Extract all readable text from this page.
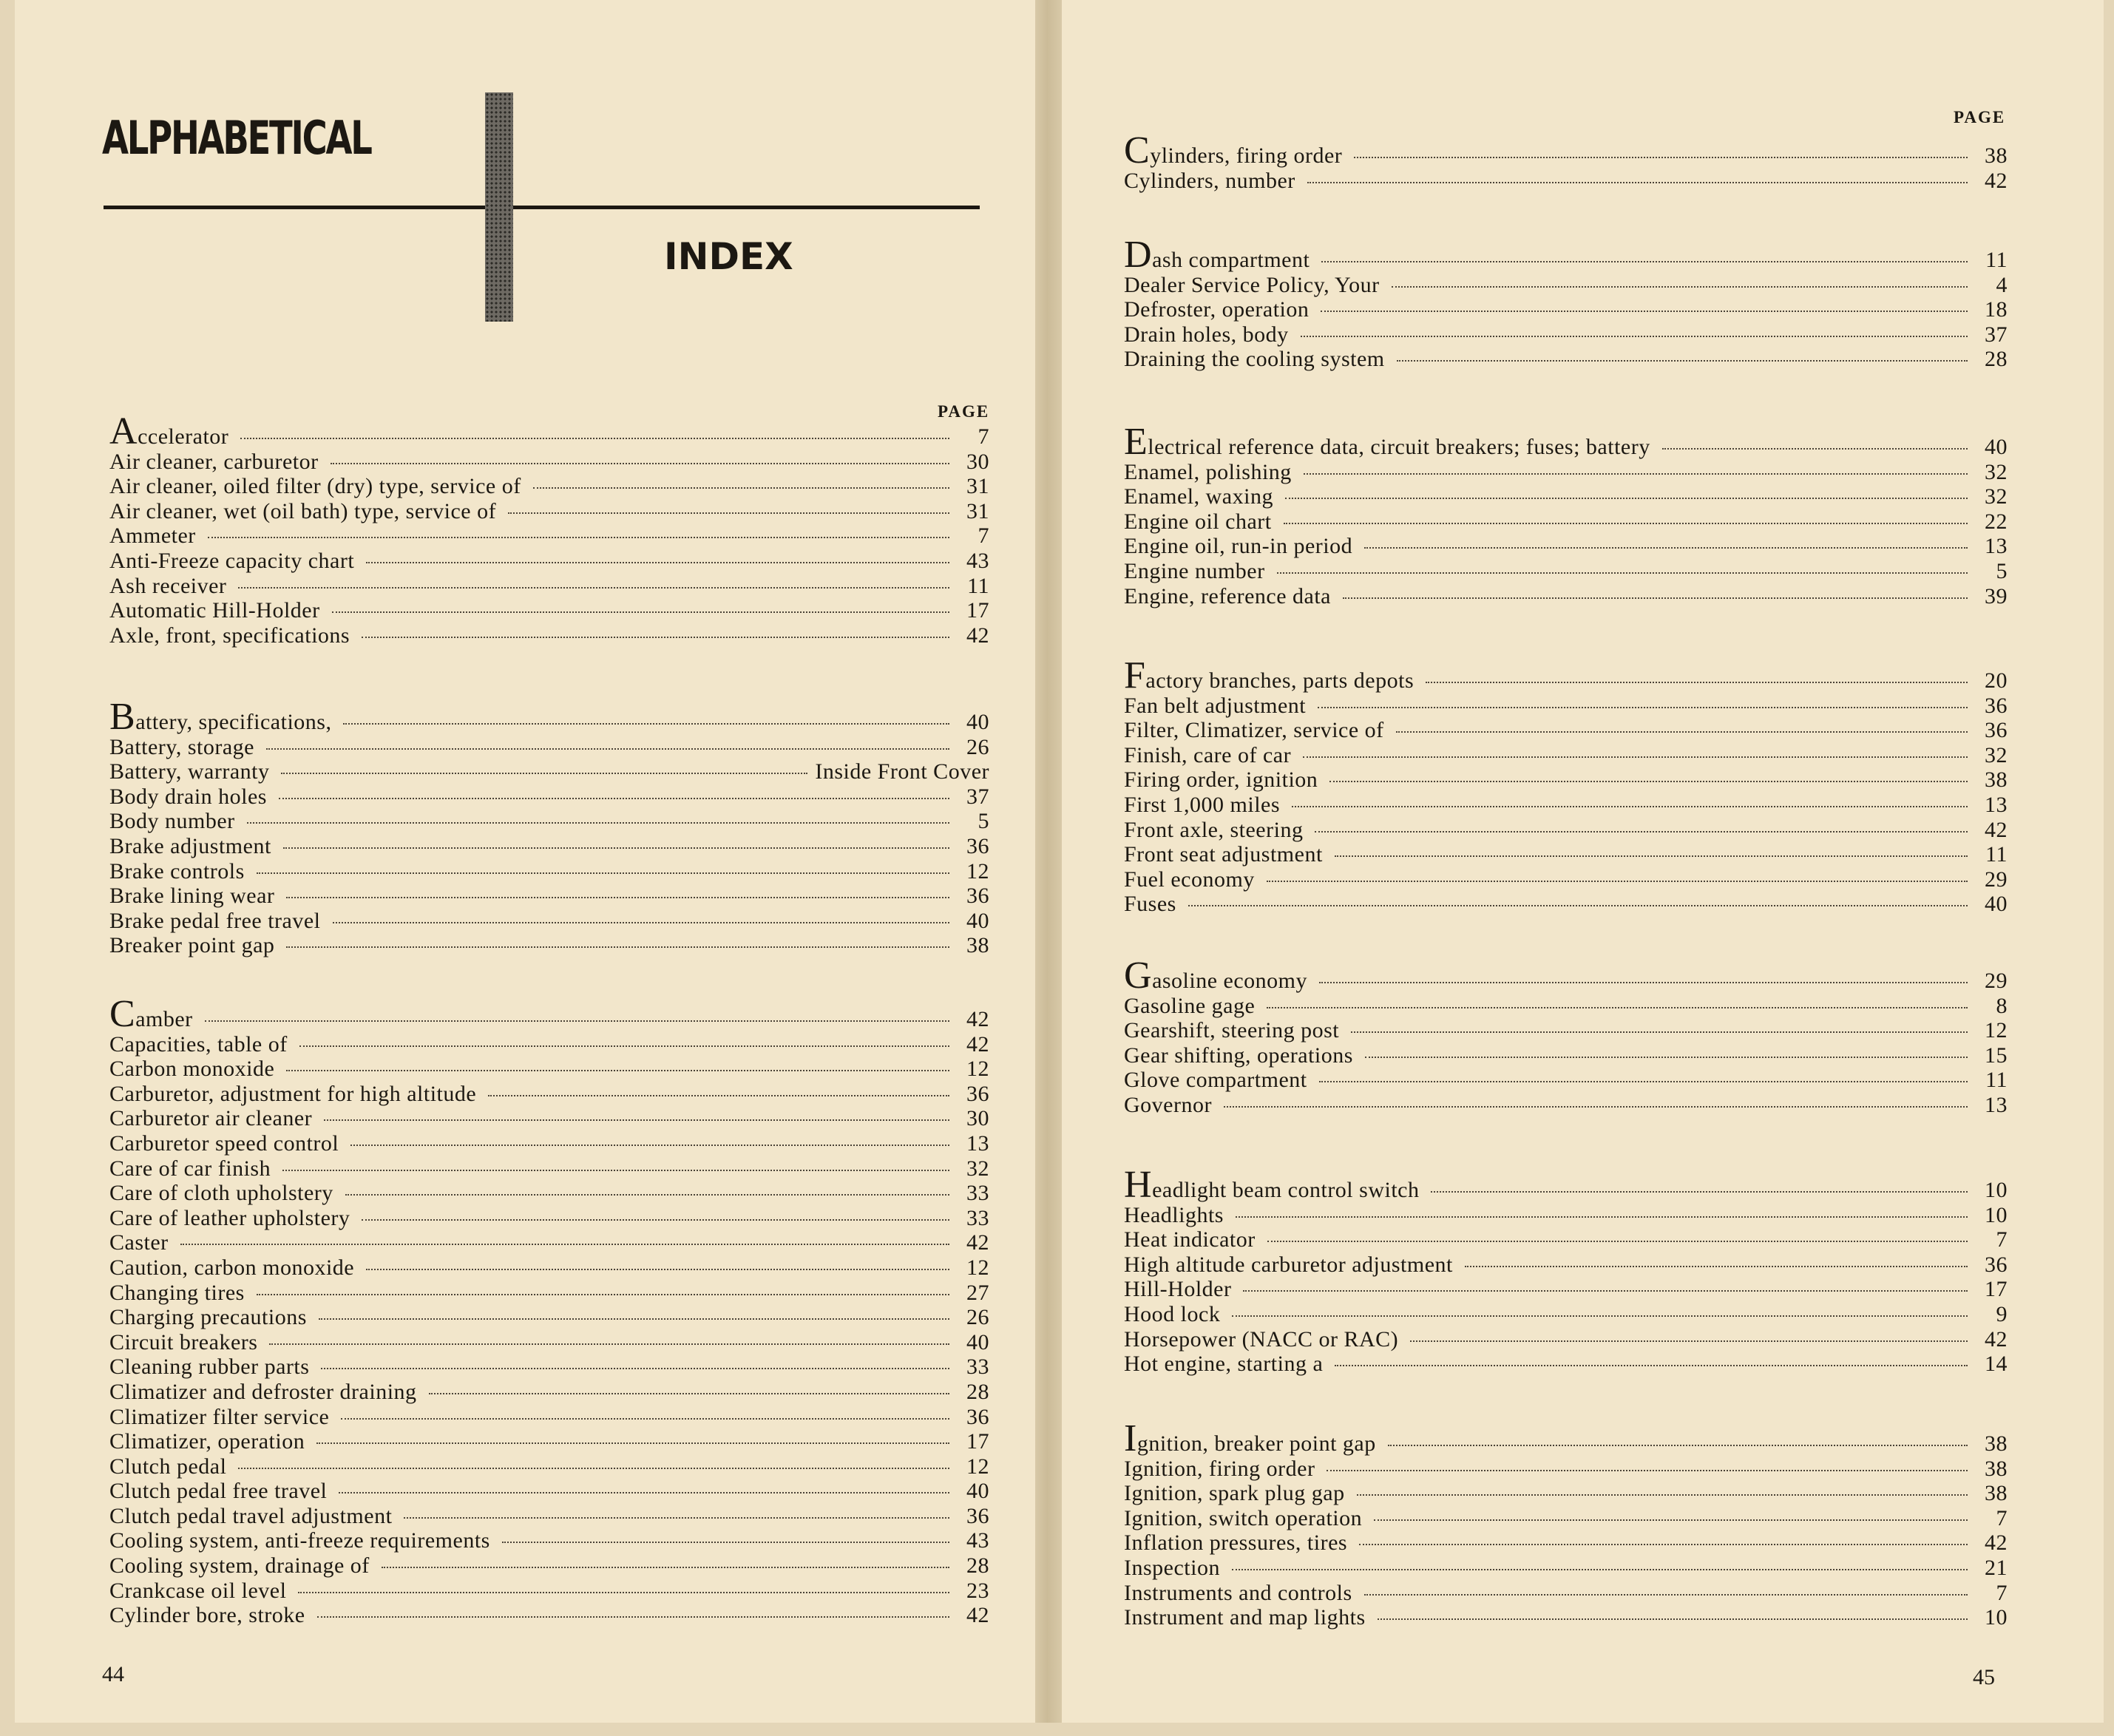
ALPHABETICAL
INDEX
PAGE
PAGE
Accelerator	7
Air cleaner, carburetor	30
Air cleaner, oiled filter (dry) type, service of	31
Air cleaner, wet (oil bath) type, service of	31
Ammeter	7
Anti-Freeze capacity chart	43
Ash receiver	11
Automatic Hill-Holder	17
Axle, front, specifications	42
Battery, specifications,	40
Battery, storage	26
Battery, warranty	Inside Front Cover
Body drain holes	37
Body number	5
Brake adjustment	36
Brake controls	12
Brake lining wear	36
Brake pedal free travel	40
Breaker point gap	38
Camber	42
Capacities, table of	42
Carbon monoxide	12
Carburetor, adjustment for high altitude	36
Carburetor air cleaner	30
Carburetor speed control	13
Care of car finish	32
Care of cloth upholstery	33
Care of leather upholstery	33
Caster	42
Caution, carbon monoxide	12
Changing tires	27
Charging precautions	26
Circuit breakers	40
Cleaning rubber parts	33
Climatizer and defroster draining	28
Climatizer filter service	36
Climatizer, operation	17
Clutch pedal	12
Clutch pedal free travel	40
Clutch pedal travel adjustment	36
Cooling system, anti-freeze requirements	43
Cooling system, drainage of	28
Crankcase oil level	23
Cylinder bore, stroke	42
Cylinders, firing order	38
Cylinders, number	42
Dash compartment	11
Dealer Service Policy, Your	4
Defroster, operation	18
Drain holes, body	37
Draining the cooling system	28
Electrical reference data, circuit breakers; fuses; battery	40
Enamel, polishing	32
Enamel, waxing	32
Engine oil chart	22
Engine oil, run-in period	13
Engine number	5
Engine, reference data	39
Factory branches, parts depots	20
Fan belt adjustment	36
Filter, Climatizer, service of	36
Finish, care of car	32
Firing order, ignition	38
First 1,000 miles	13
Front axle, steering	42
Front seat adjustment	11
Fuel economy	29
Fuses	40
Gasoline economy	29
Gasoline gage	8
Gearshift, steering post	12
Gear shifting, operations	15
Glove compartment	11
Governor	13
Headlight beam control switch	10
Headlights	10
Heat indicator	7
High altitude carburetor adjustment	36
Hill-Holder	17
Hood lock	9
Horsepower (NACC or RAC)	42
Hot engine, starting a	14
Ignition, breaker point gap	38
Ignition, firing order	38
Ignition, spark plug gap	38
Ignition, switch operation	7
Inflation pressures, tires	42
Inspection	21
Instruments and controls	7
Instrument and map lights	10
44	45
